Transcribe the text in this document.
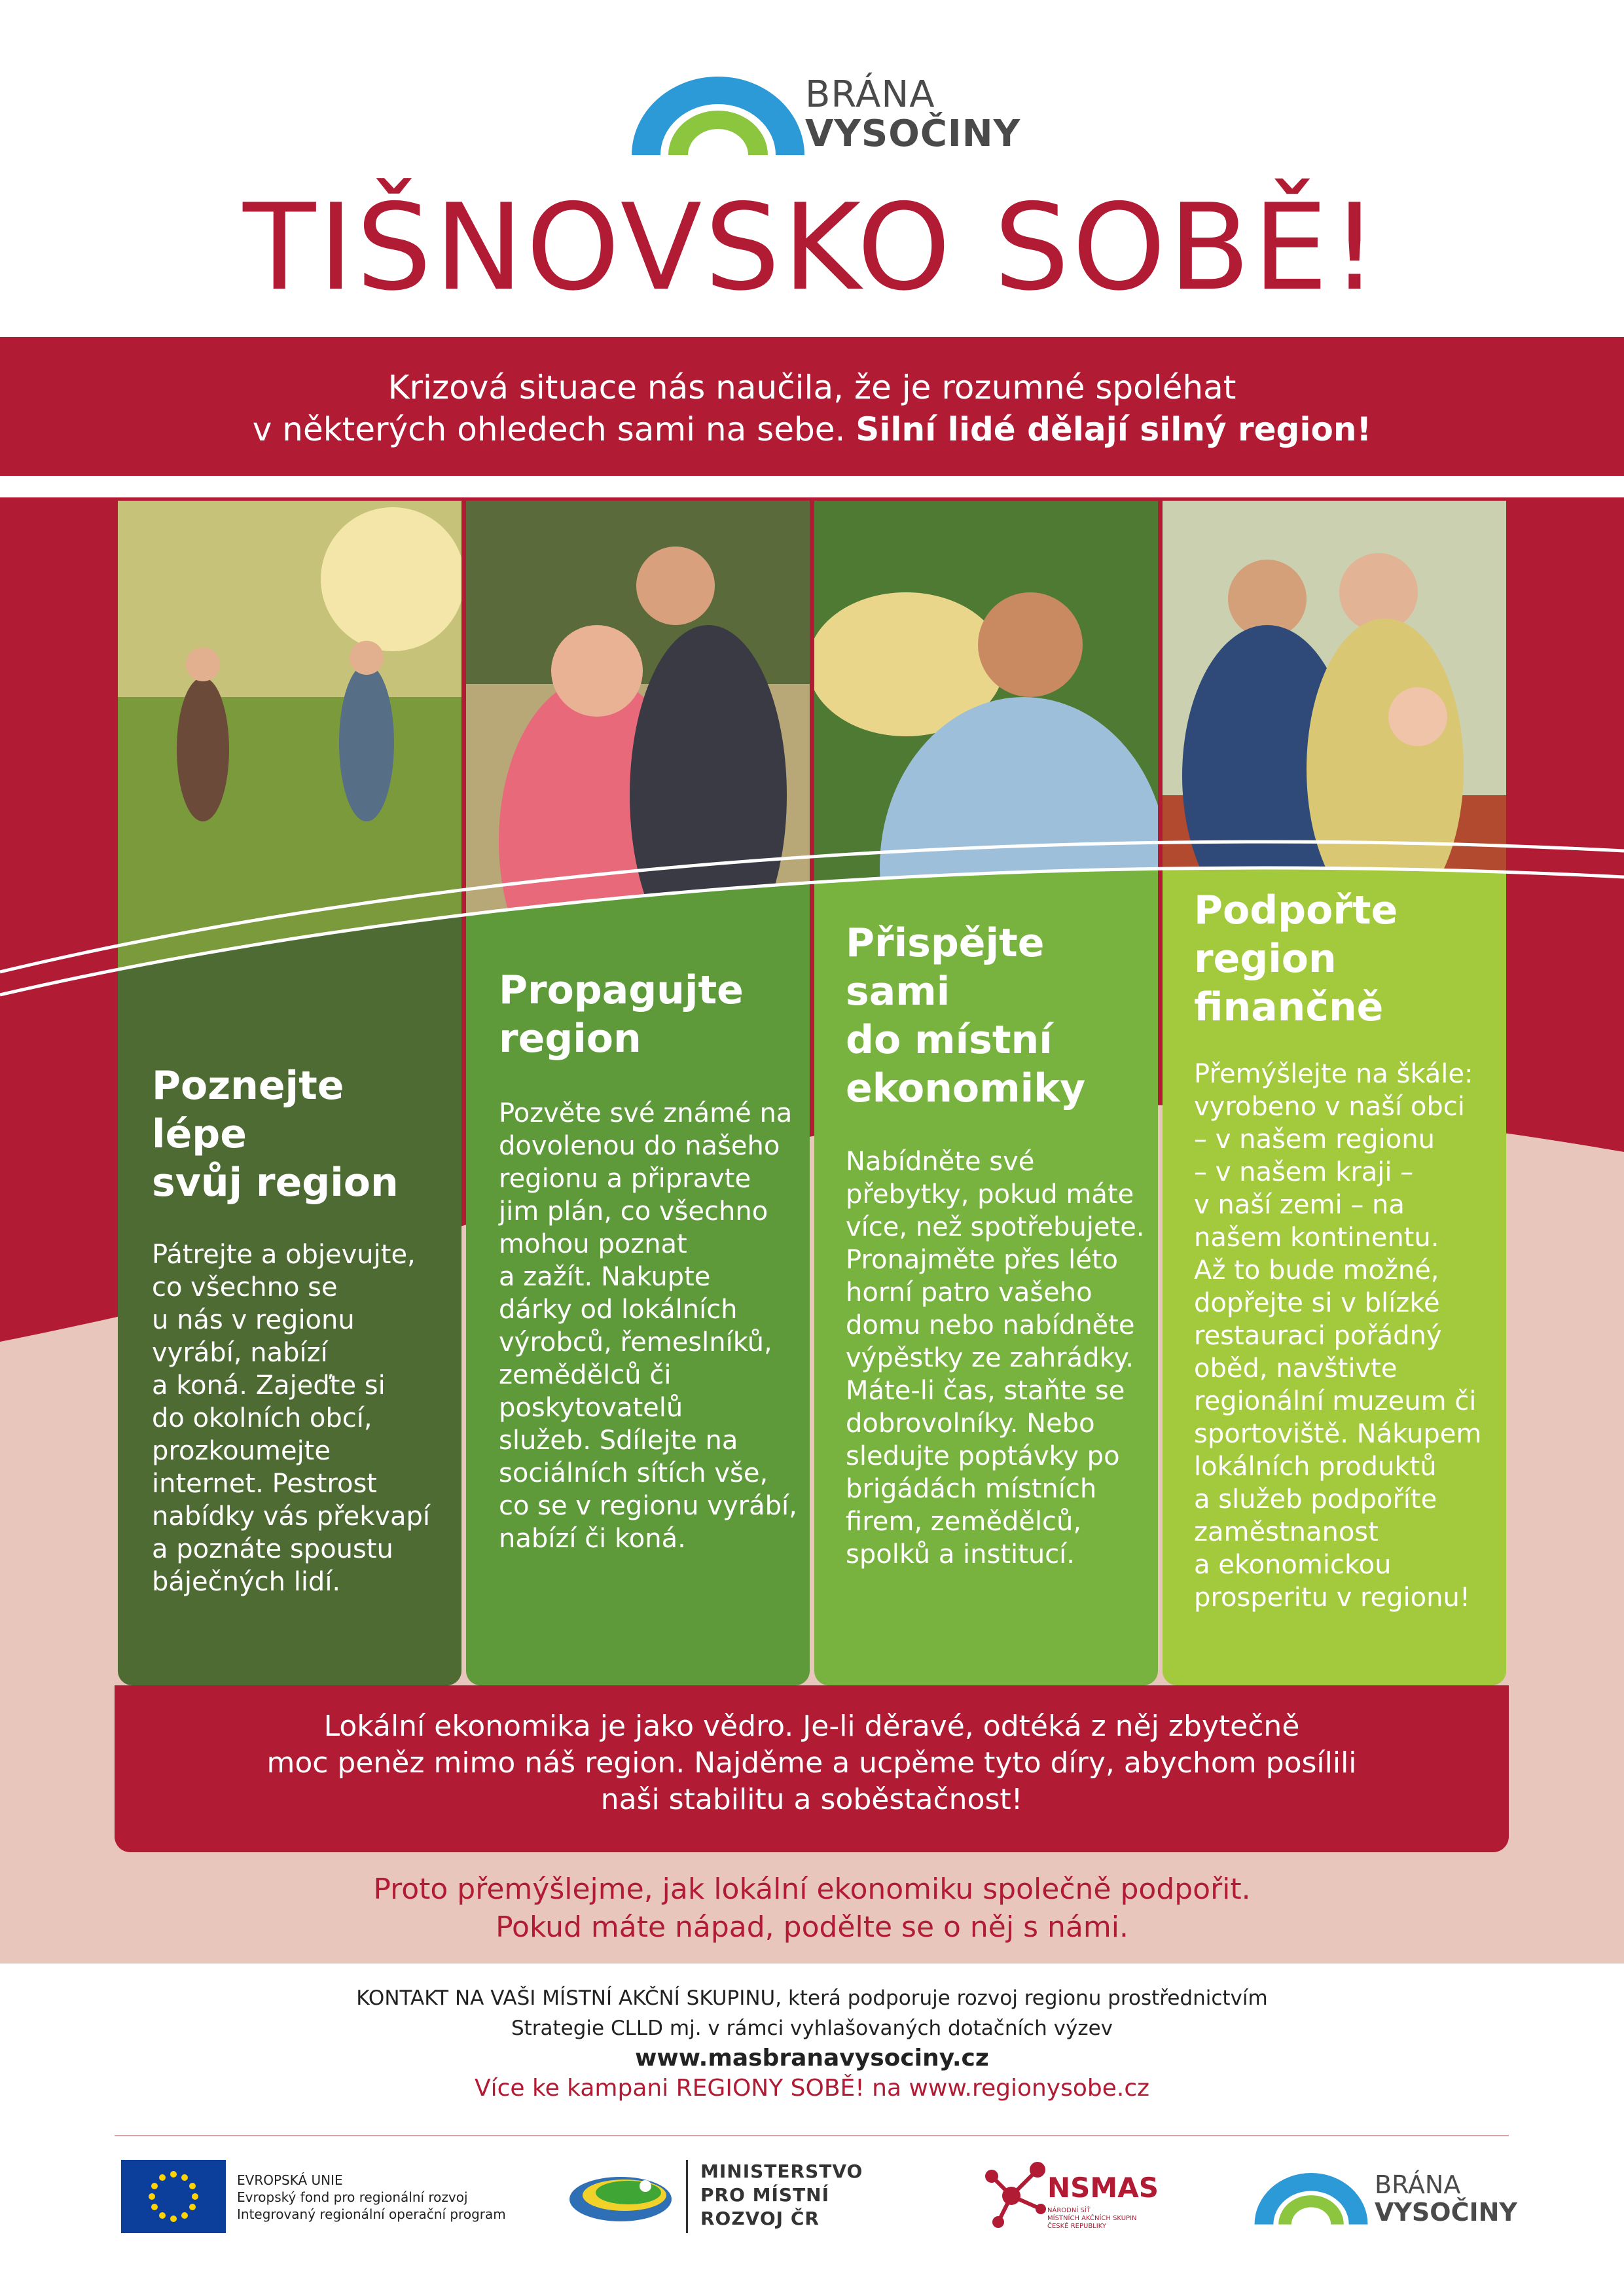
BRÁNA
VYSOČINY
TIŠNOVSKO SOBĚ!
Krizová situace nás naučila, že je rozumné spoléhat
v některých ohledech sami na sebe. Silní lidé dělají silný region!
Poznejte lépe
svůj region
Pátrejte a objevujte,
co všechno se
u nás v regionu
vyrábí, nabízí
a koná. Zajeďte si
do okolních obcí,
prozkoumejte
internet. Pestrost
nabídky vás překvapí
a poznáte spoustu
báječných lidí.
Propagujte
region
Pozvěte své známé na
dovolenou do našeho
regionu a připravte
jim plán, co všechno
mohou poznat
a zažít. Nakupte
dárky od lokálních
výrobců, řemeslníků,
zemědělců či
poskytovatelů
služeb. Sdílejte na
sociálních sítích vše,
co se v regionu vyrábí,
nabízí či koná.
Přispějte sami
do místní
ekonomiky
Nabídněte své
přebytky, pokud máte
více, než spotřebujete.
Pronajměte přes léto
horní patro vašeho
domu nebo nabídněte
výpěstky ze zahrádky.
Máte-li čas, staňte se
dobrovolníky. Nebo
sledujte poptávky po
brigádách místních
firem, zemědělců,
spolků a institucí.
Podpořte
region
finančně
Přemýšlejte na škále:
vyrobeno v naší obci
– v našem regionu
– v našem kraji –
v naší zemi – na
našem kontinentu.
Až to bude možné,
dopřejte si v blízké
restauraci pořádný
oběd, navštivte
regionální muzeum či
sportoviště. Nákupem
lokálních produktů
a služeb podpoříte
zaměstnanost
a ekonomickou
prosperitu v regionu!
Lokální ekonomika je jako vědro. Je-li děravé, odtéká z něj zbytečně
moc peněz mimo náš region. Najděme a ucpěme tyto díry, abychom posílili
naši stabilitu a soběstačnost!
Proto přemýšlejme, jak lokální ekonomiku společně podpořit.
Pokud máte nápad, podělte se o něj s námi.
KONTAKT NA VAŠI MÍSTNÍ AKČNÍ SKUPINU, která podporuje rozvoj regionu prostřednictvím
Strategie CLLD mj. v rámci vyhlašovaných dotačních výzev
www.masbranavysociny.cz
Více ke kampani REGIONY SOBĚ! na www.regionysobe.cz
EVROPSKÁ UNIE
Evropský fond pro regionální rozvoj
Integrovaný regionální operační program
MINISTERSTVO
PRO MÍSTNÍ
ROZVOJ ČR
NSMAS
NÁRODNÍ SÍŤ
MÍSTNÍCH AKČNÍCH SKUPIN
ČESKÉ REPUBLIKY
BRÁNA
VYSOČINY
